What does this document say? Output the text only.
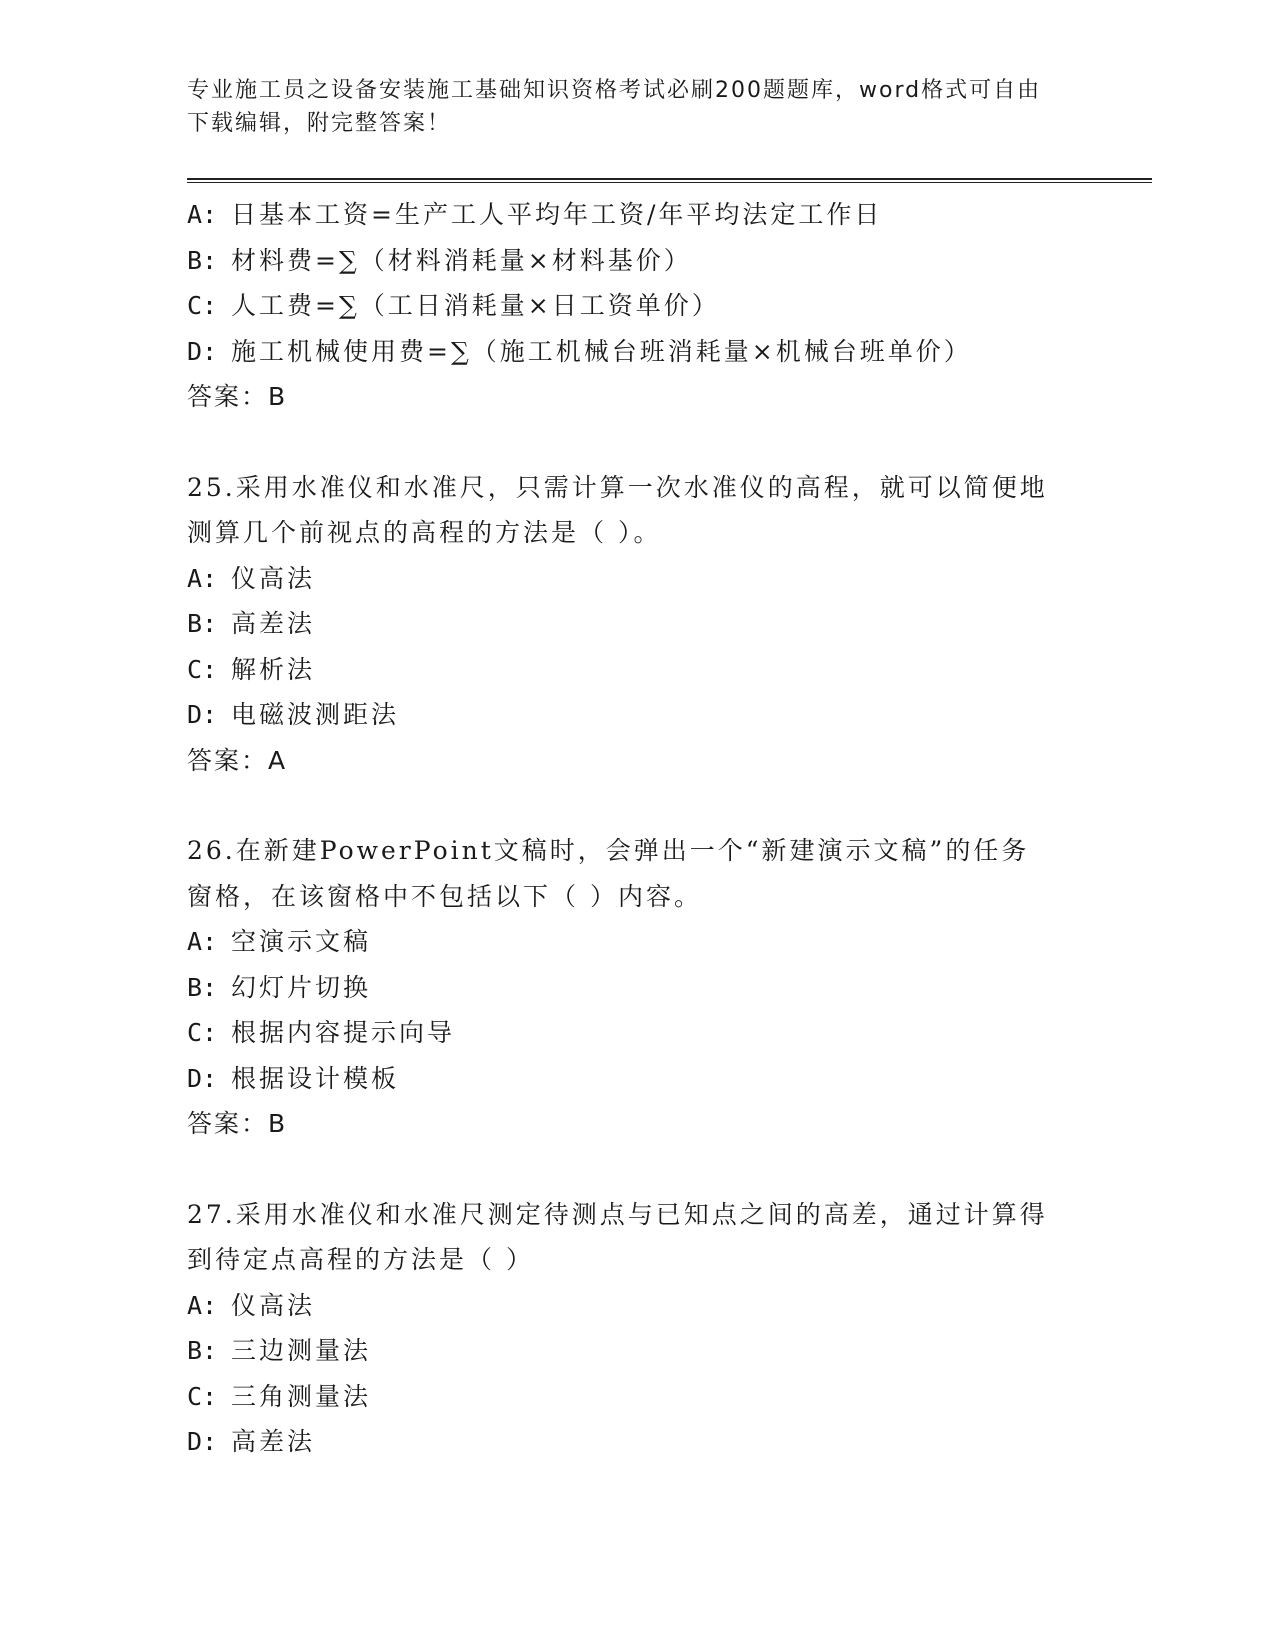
专业施工员之设备安装施工基础知识资格考试必刷200题题库，word格式可自由
下载编辑，附完整答案！
A: 日基本工资=生产工人平均年工资/年平均法定工作日
B: 材料费=∑（材料消耗量×材料基价）
C: 人工费=∑（工日消耗量×日工资单价）
D: 施工机械使用费=∑（施工机械台班消耗量×机械台班单价）
答案：B
25.采用水准仪和水准尺，只需计算一次水准仪的高程，就可以简便地
测算几个前视点的高程的方法是（ ）。
A: 仪高法
B: 高差法
C: 解析法
D: 电磁波测距法
答案：A
26.在新建PowerPoint文稿时，会弹出一个“新建演示文稿”的任务
窗格，在该窗格中不包括以下（ ）内容。
A: 空演示文稿
B: 幻灯片切换
C: 根据内容提示向导
D: 根据设计模板
答案：B
27.采用水准仪和水准尺测定待测点与已知点之间的高差，通过计算得
到待定点高程的方法是（ ）
A: 仪高法
B: 三边测量法
C: 三角测量法
D: 高差法
